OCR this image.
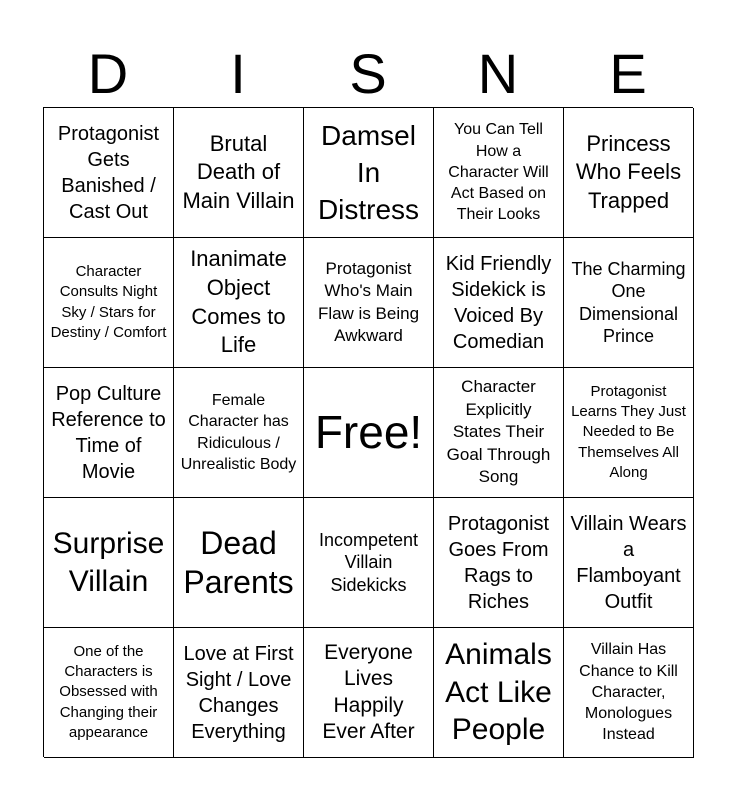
D	I	S	N	E
Protagonist Gets Banished / Cast Out
Brutal Death of Main Villain
Damsel In Distress
You Can Tell How a Character Will Act Based on Their Looks
Princess Who Feels Trapped
Character Consults Night Sky / Stars for Destiny / Comfort
Inanimate Object Comes to Life
Protagonist Who's Main Flaw is Being Awkward
Kid Friendly Sidekick is Voiced By Comedian
The Charming One Dimensional Prince
Pop Culture Reference to Time of Movie
Female Character has Ridiculous / Unrealistic Body
Free!
Character Explicitly States Their Goal Through Song
Protagonist Learns They Just Needed to Be Themselves All Along
Surprise Villain
Dead Parents
Incompetent Villain Sidekicks
Protagonist Goes From Rags to Riches
Villain Wears a Flamboyant Outfit
One of the Characters is Obsessed with Changing their appearance
Love at First Sight / Love Changes Everything
Everyone Lives Happily Ever After
Animals Act Like People
Villain Has Chance to Kill Character, Monologues Instead
